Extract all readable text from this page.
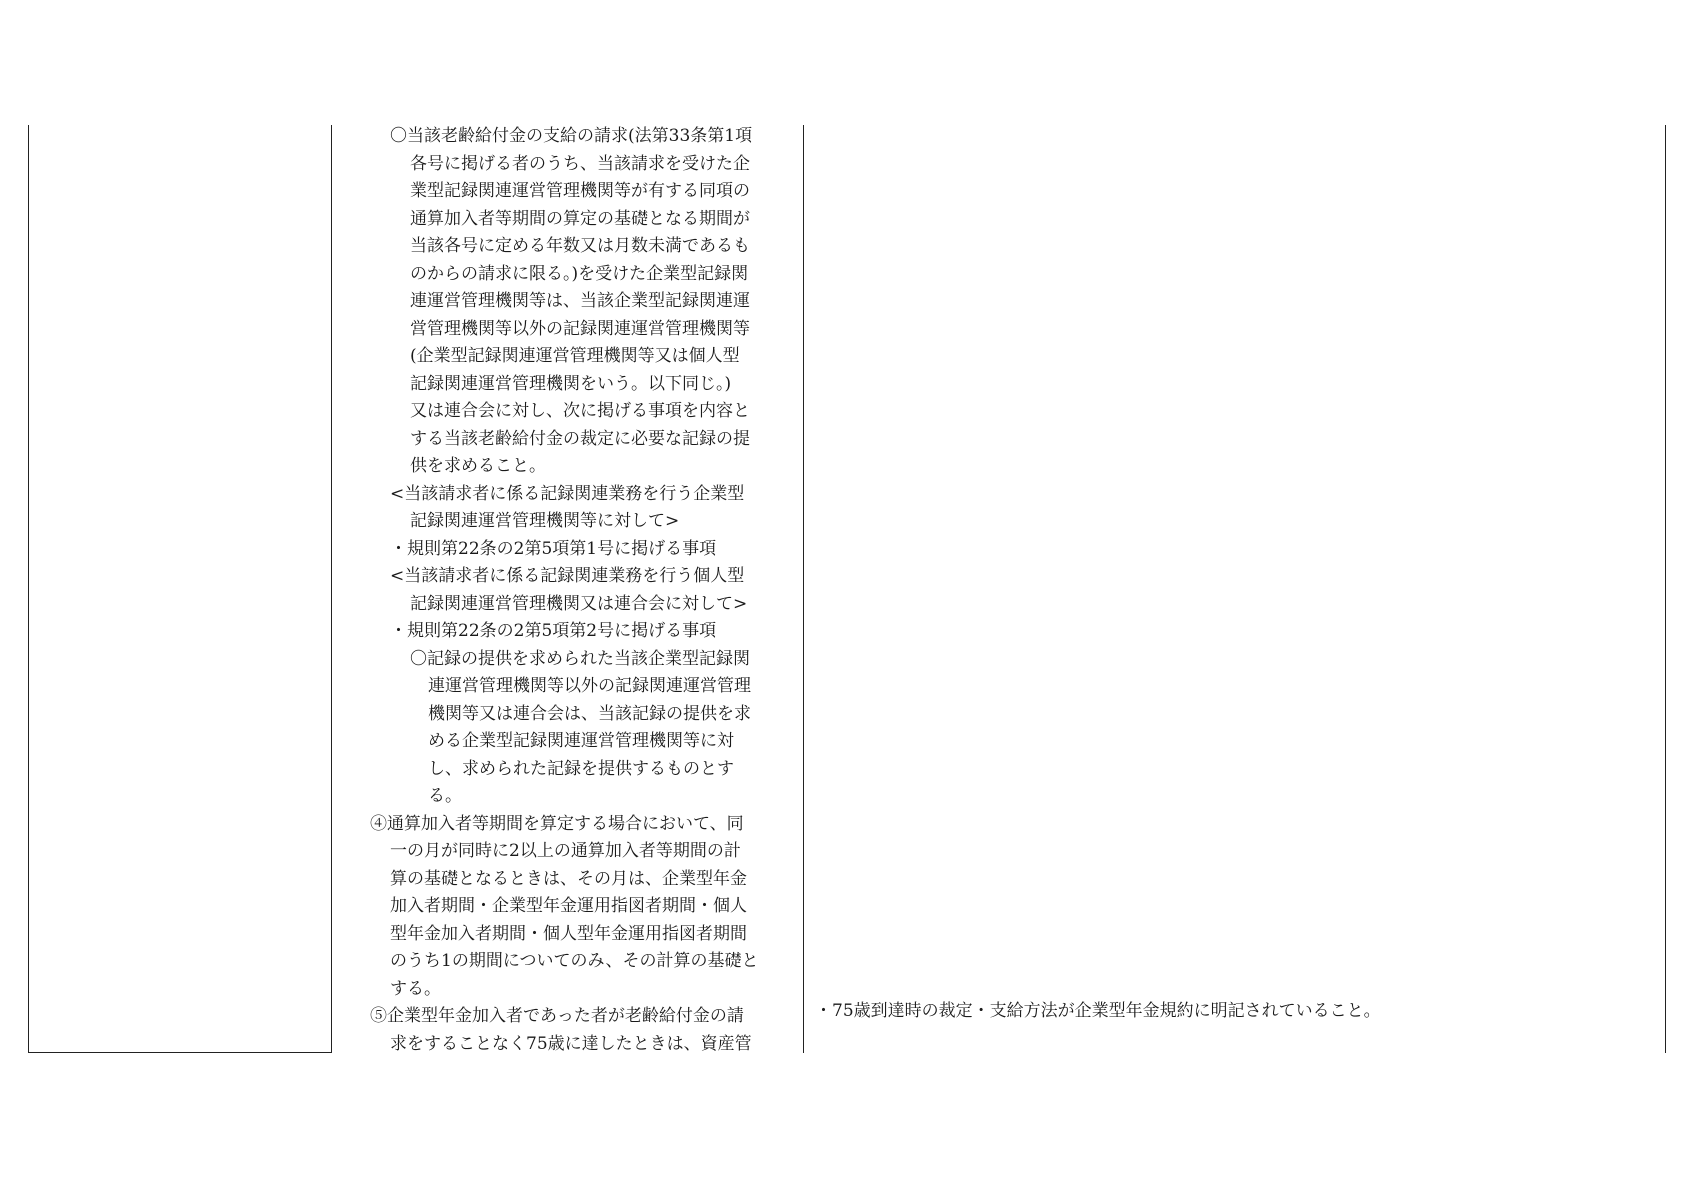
〇当該老齢給付金の支給の請求(法第33条第1項
各号に掲げる者のうち、当該請求を受けた企
業型記録関連運営管理機関等が有する同項の
通算加入者等期間の算定の基礎となる期間が
当該各号に定める年数又は月数未満であるも
のからの請求に限る。)を受けた企業型記録関
連運営管理機関等は、当該企業型記録関連運
営管理機関等以外の記録関連運営管理機関等
(企業型記録関連運営管理機関等又は個人型
記録関連運営管理機関をいう。以下同じ。)
又は連合会に対し、次に掲げる事項を内容と
する当該老齢給付金の裁定に必要な記録の提
供を求めること。
<当該請求者に係る記録関連業務を行う企業型
記録関連運営管理機関等に対して>
・規則第22条の2第5項第1号に掲げる事項
<当該請求者に係る記録関連業務を行う個人型
記録関連運営管理機関又は連合会に対して>
・規則第22条の2第5項第2号に掲げる事項
〇記録の提供を求められた当該企業型記録関
連運営管理機関等以外の記録関連運営管理
機関等又は連合会は、当該記録の提供を求
める企業型記録関連運営管理機関等に対
し、求められた記録を提供するものとす
る。
④通算加入者等期間を算定する場合において、同
一の月が同時に2以上の通算加入者等期間の計
算の基礎となるときは、その月は、企業型年金
加入者期間・企業型年金運用指図者期間・個人
型年金加入者期間・個人型年金運用指図者期間
のうち1の期間についてのみ、その計算の基礎と
する。
⑤企業型年金加入者であった者が老齢給付金の請
求をすることなく75歳に達したときは、資産管
・75歳到達時の裁定・支給方法が企業型年金規約に明記されていること。
